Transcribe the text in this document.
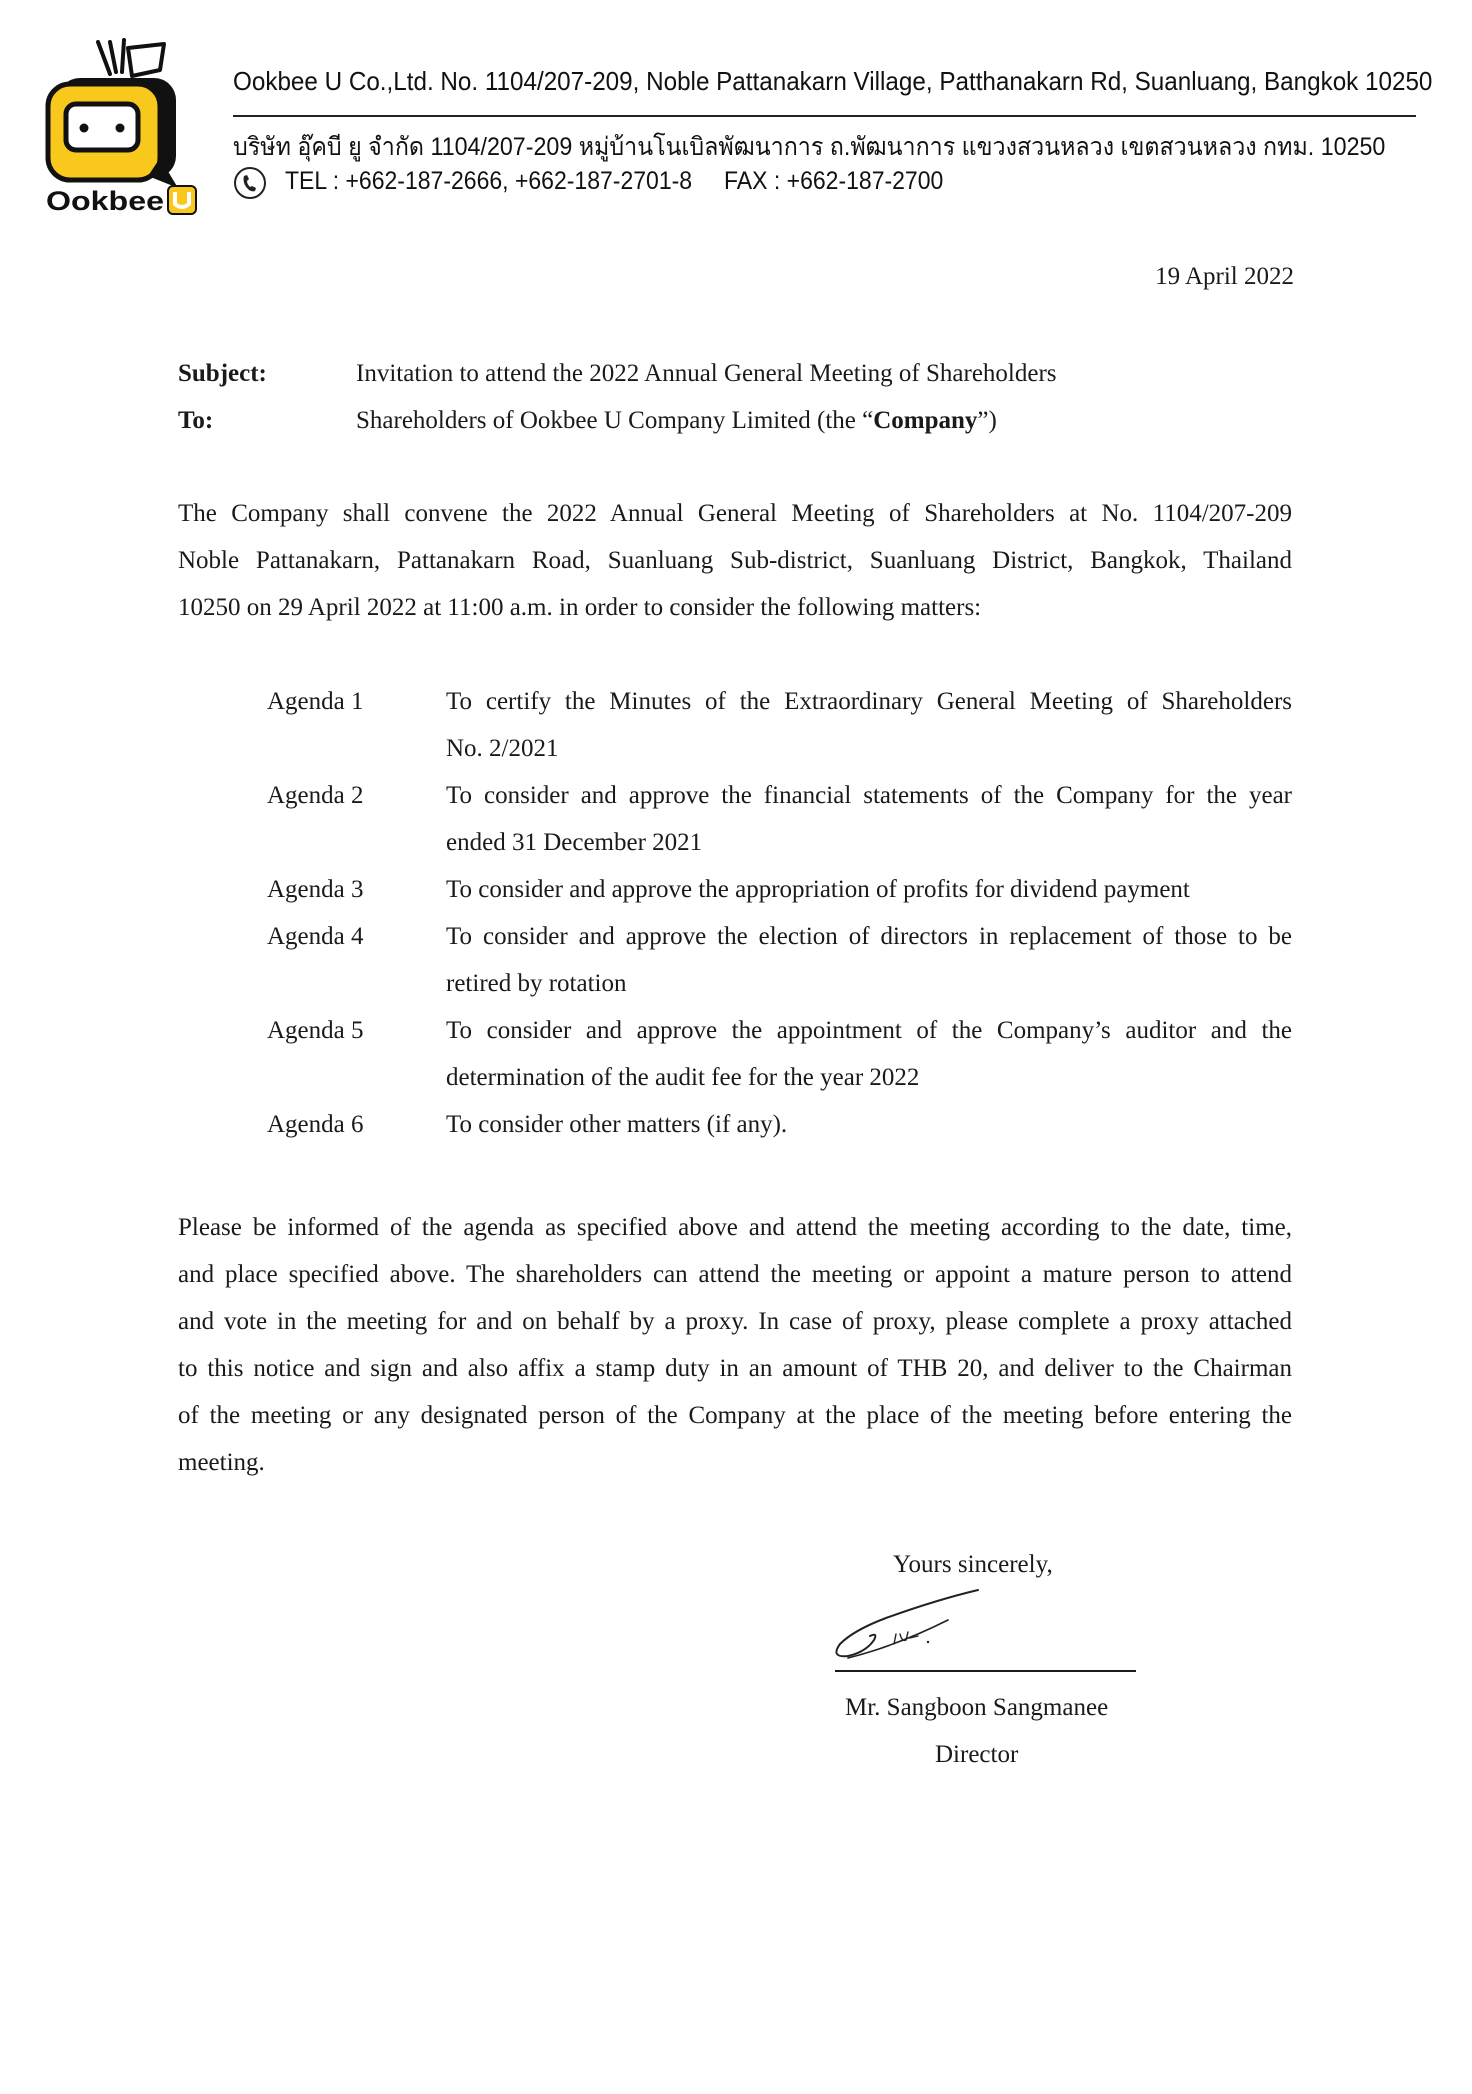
Ookbee
Ookbee U Co.,Ltd. No. 1104/207-209, Noble Pattanakarn Village, Patthanakarn Rd, Suanluang, Bangkok 10250
บริษัท อุ๊คบี ยู จำกัด 1104/207-209 หมู่บ้านโนเบิลพัฒนาการ ถ.พัฒนาการ แขวงสวนหลวง เขตสวนหลวง กทม. 10250
TEL : +662-187-2666, +662-187-2701-8     FAX : +662-187-2700
19 April 2022
Subject:	Invitation to attend the 2022 Annual General Meeting of Shareholders
To:	Shareholders of Ookbee U Company Limited (the “Company”)
The Company shall convene the 2022 Annual General Meeting of Shareholders at No. 1104/207-209
Noble Pattanakarn, Pattanakarn Road, Suanluang Sub-district, Suanluang District, Bangkok, Thailand
10250 on 29 April 2022 at 11:00 a.m. in order to consider the following matters:
Agenda 1	To certify the Minutes of the Extraordinary General Meeting of Shareholders
No. 2/2021
Agenda 2	To consider and approve the financial statements of the Company for the year
ended 31 December 2021
Agenda 3	To consider and approve the appropriation of profits for dividend payment
Agenda 4	To consider and approve the election of directors in replacement of those to be
retired by rotation
Agenda 5	To consider and approve the appointment of the Company’s auditor and the
determination of the audit fee for the year 2022
Agenda 6	To consider other matters (if any).
Please be informed of the agenda as specified above and attend the meeting according to the date, time,
and place specified above. The shareholders can attend the meeting or appoint a mature person to attend
and vote in the meeting for and on behalf by a proxy. In case of proxy, please complete a proxy attached
to this notice and sign and also affix a stamp duty in an amount of THB 20, and deliver to the Chairman
of the meeting or any designated person of the Company at the place of the meeting before entering the
meeting.
Yours sincerely,
Mr. Sangboon Sangmanee
Director
